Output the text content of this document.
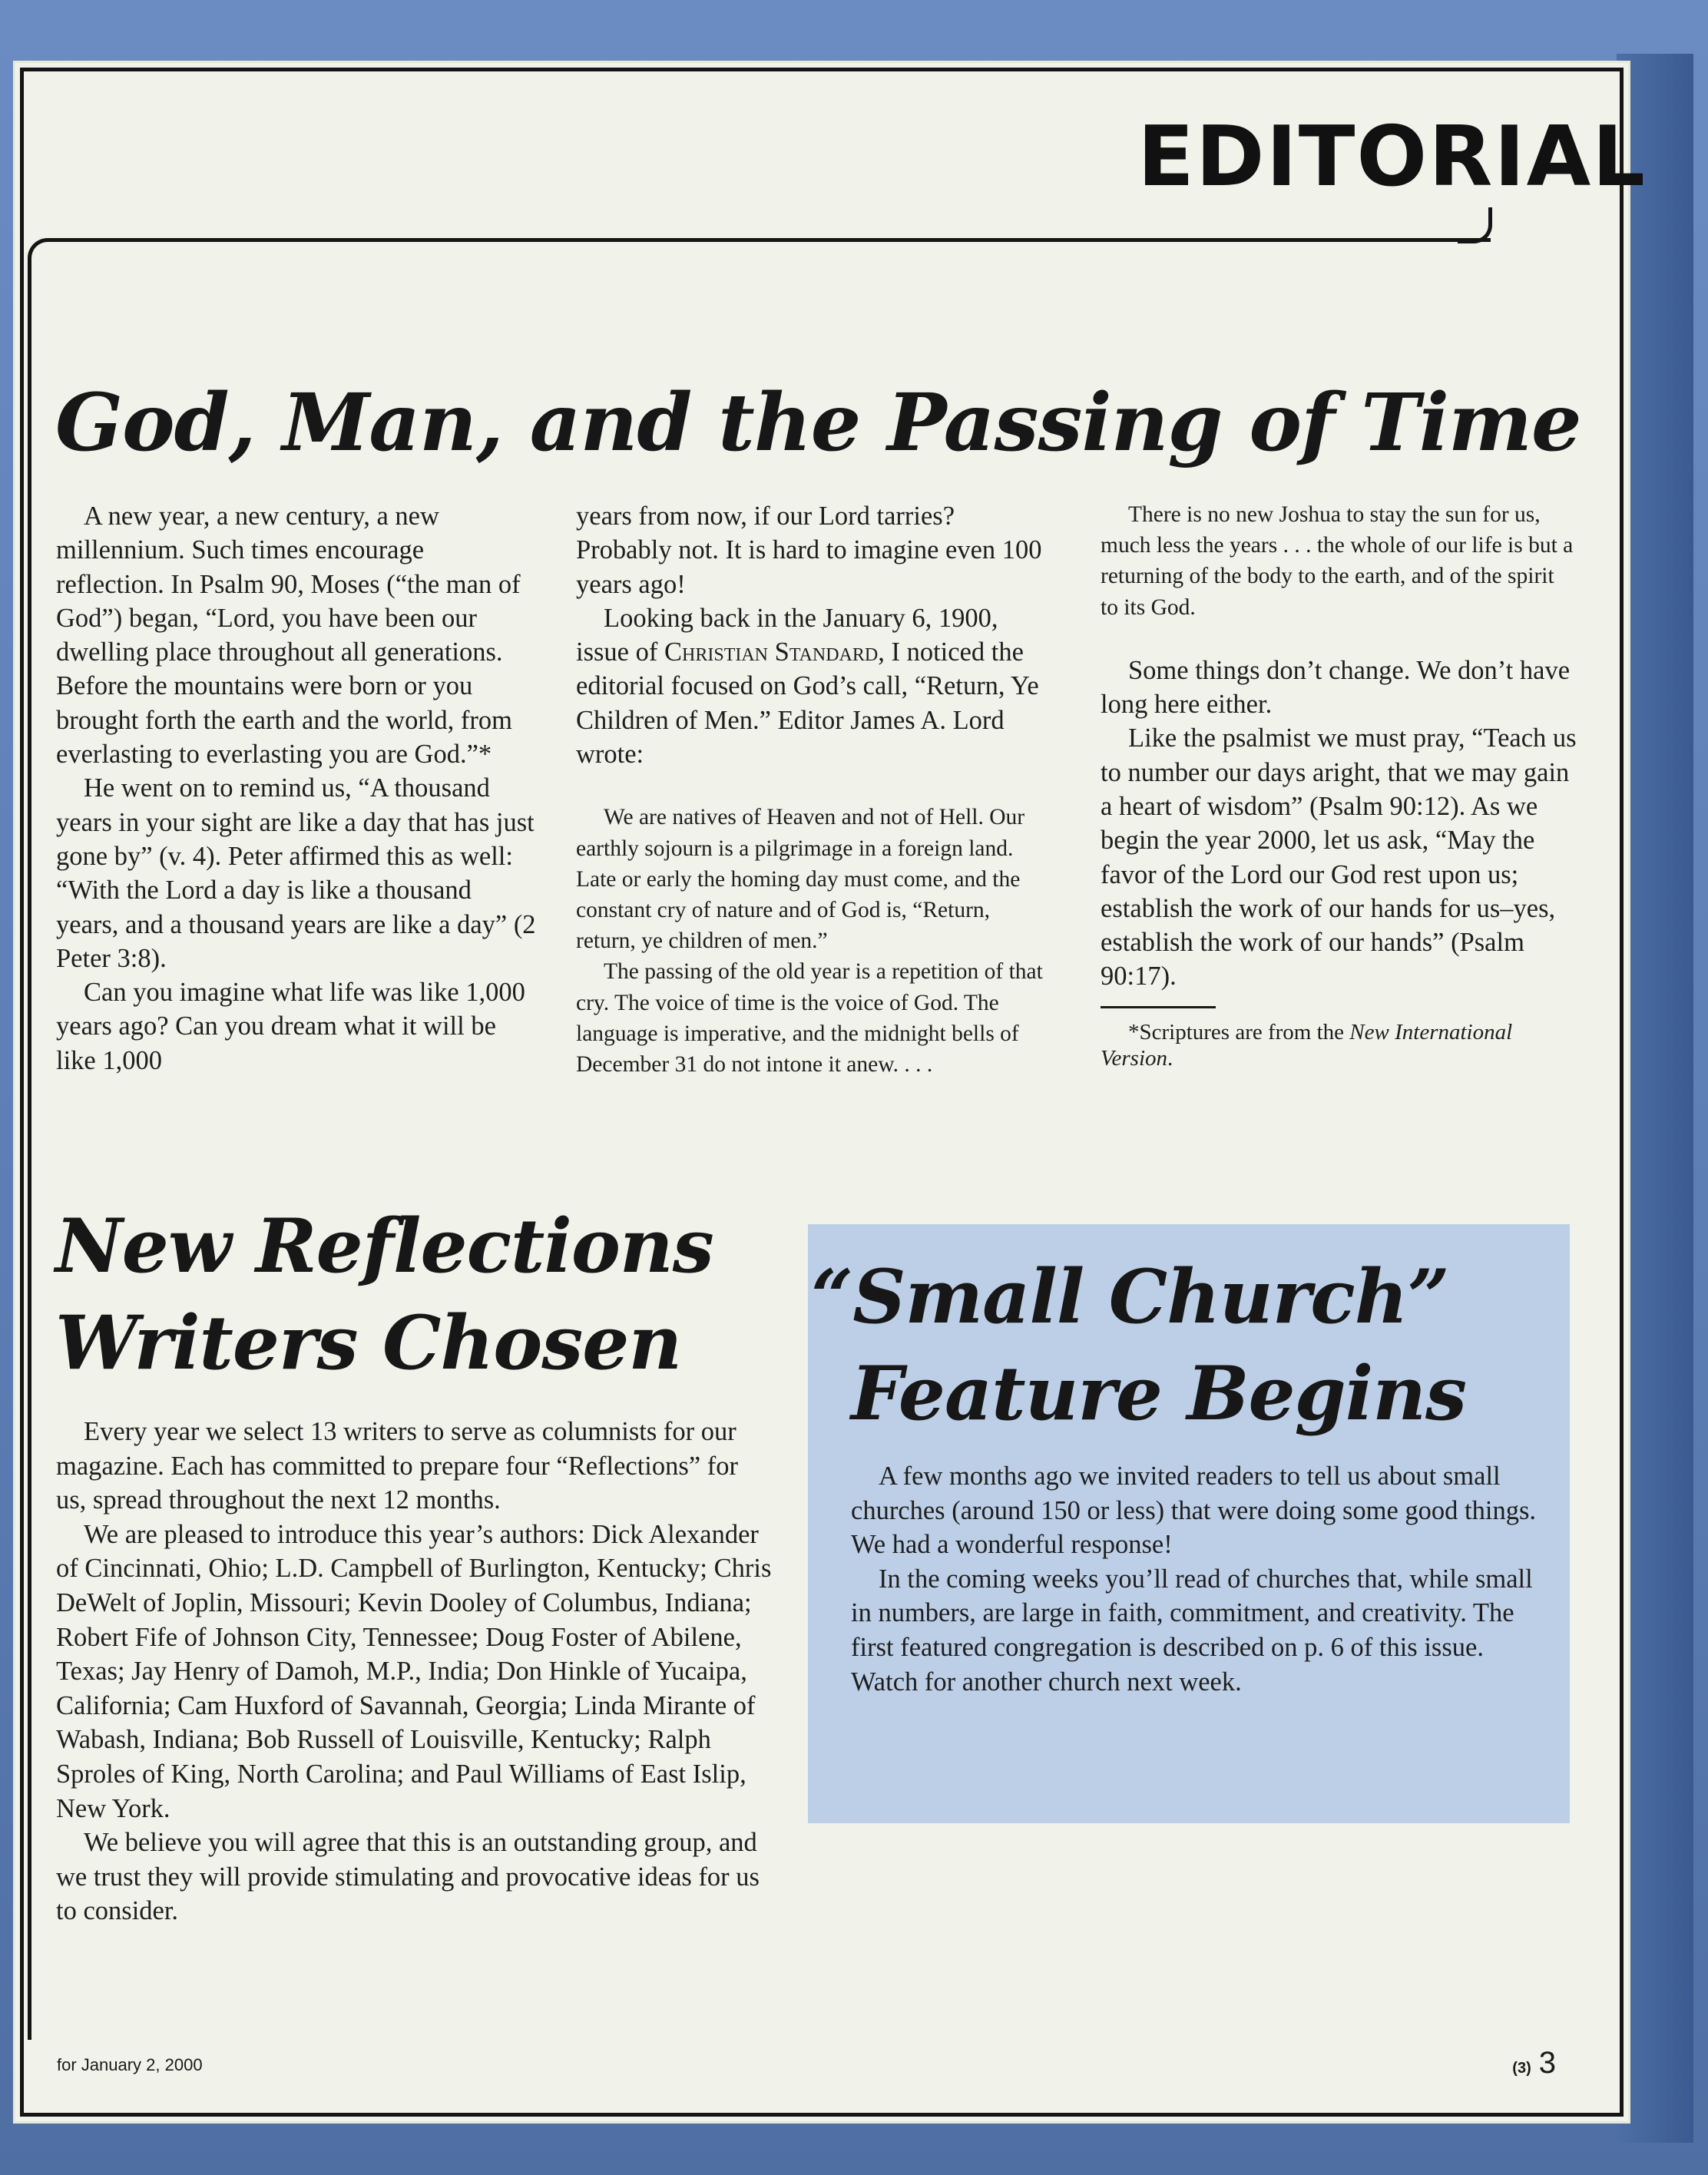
EDITORIAL
God, Man, and the Passing of Time

A new year, a new century, a new millennium. Such times encourage reflection. In Psalm 90, Moses (“the man of God”) began, “Lord, you have been our dwelling place throughout all generations. Before the mountains were born or you brought forth the earth and the world, from everlasting to everlasting you are God.”*

He went on to remind us, “A thousand years in your sight are like a day that has just gone by” (v. 4). Peter affirmed this as well: “With the Lord a day is like a thousand years, and a thousand years are like a day” (2 Peter 3:8).

Can you imagine what life was like 1,000 years ago? Can you dream what it will be like 1,000

years from now, if our Lord tarries? Probably not. It is hard to imagine even 100 years ago!

Looking back in the January 6, 1900, issue of Christian Standard, I noticed the editorial focused on God’s call, “Return, Ye Children of Men.” Editor James A. Lord wrote:

We are natives of Heaven and not of Hell. Our earthly sojourn is a pilgrimage in a foreign land. Late or early the homing day must come, and the constant cry of nature and of God is, “Return, return, ye children of men.”

The passing of the old year is a repetition of that cry. The voice of time is the voice of God. The language is imperative, and the midnight bells of December 31 do not intone it anew. . . .

There is no new Joshua to stay the sun for us, much less the years . . . the whole of our life is but a returning of the body to the earth, and of the spirit to its God.

Some things don’t change. We don’t have long here either.

Like the psalmist we must pray, “Teach us to number our days aright, that we may gain a heart of wisdom” (Psalm 90:12). As we begin the year 2000, let us ask, “May the favor of the Lord our God rest upon us; establish the work of our hands for us–yes, establish the work of our hands” (Psalm 90:17).

*Scriptures are from the New International Version.

New Reflections
Writers Chosen

Every year we select 13 writers to serve as columnists for our magazine. Each has committed to prepare four “Reflections” for us, spread throughout the next 12 months.

We are pleased to introduce this year’s authors: Dick Alexander of Cincinnati, Ohio; L.D. Campbell of Burlington, Kentucky; Chris DeWelt of Joplin, Missouri; Kevin Dooley of Columbus, Indiana; Robert Fife of Johnson City, Tennessee; Doug Foster of Abilene, Texas; Jay Henry of Damoh, M.P., India; Don Hinkle of Yucaipa, California; Cam Huxford of Savannah, Georgia; Linda Mirante of Wabash, Indiana; Bob Russell of Louisville, Kentucky; Ralph Sproles of King, North Carolina; and Paul Williams of East Islip, New York.

We believe you will agree that this is an outstanding group, and we trust they will provide stimulating and provocative ideas for us to consider.

“Small Church”
Feature Begins

A few months ago we invited readers to tell us about small churches (around 150 or less) that were doing some good things. We had a wonderful response!

In the coming weeks you’ll read of churches that, while small in numbers, are large in faith, commitment, and creativity. The first featured congregation is described on p. 6 of this issue. Watch for another church next week.

for January 2, 2000	(3) 3
